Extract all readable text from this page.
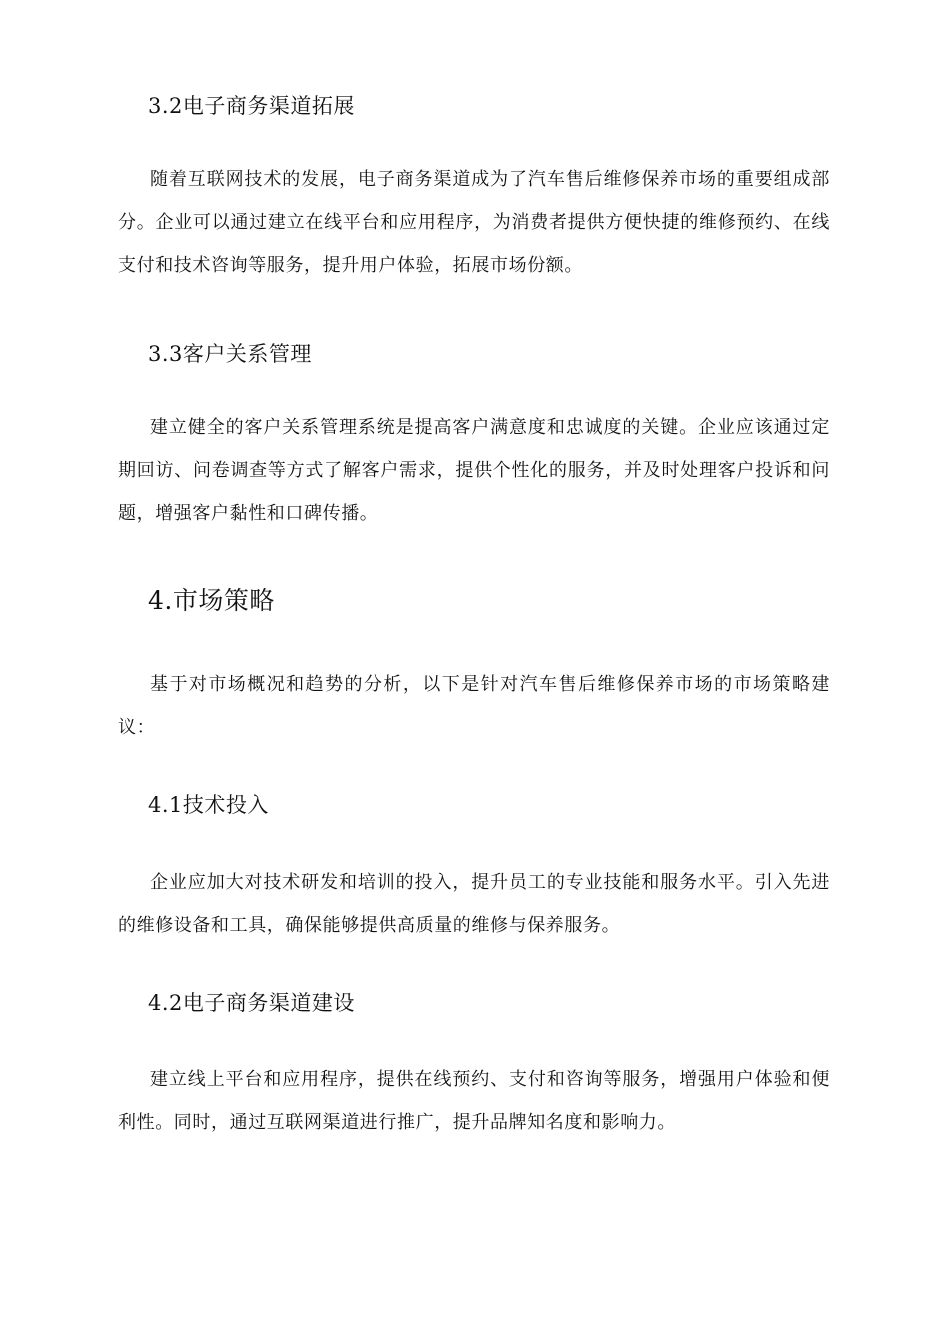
3.2电子商务渠道拓展

随着互联网技术的发展，电子商务渠道成为了汽车售后维修保养市场的重要组成部分。企业可以通过建立在线平台和应用程序，为消费者提供方便快捷的维修预约、在线支付和技术咨询等服务，提升用户体验，拓展市场份额。

3.3客户关系管理

建立健全的客户关系管理系统是提高客户满意度和忠诚度的关键。企业应该通过定期回访、问卷调查等方式了解客户需求，提供个性化的服务，并及时处理客户投诉和问题，增强客户黏性和口碑传播。

4.市场策略

基于对市场概况和趋势的分析，以下是针对汽车售后维修保养市场的市场策略建议：

4.1技术投入

企业应加大对技术研发和培训的投入，提升员工的专业技能和服务水平。引入先进的维修设备和工具，确保能够提供高质量的维修与保养服务。

4.2电子商务渠道建设

建立线上平台和应用程序，提供在线预约、支付和咨询等服务，增强用户体验和便利性。同时，通过互联网渠道进行推广，提升品牌知名度和影响力。
